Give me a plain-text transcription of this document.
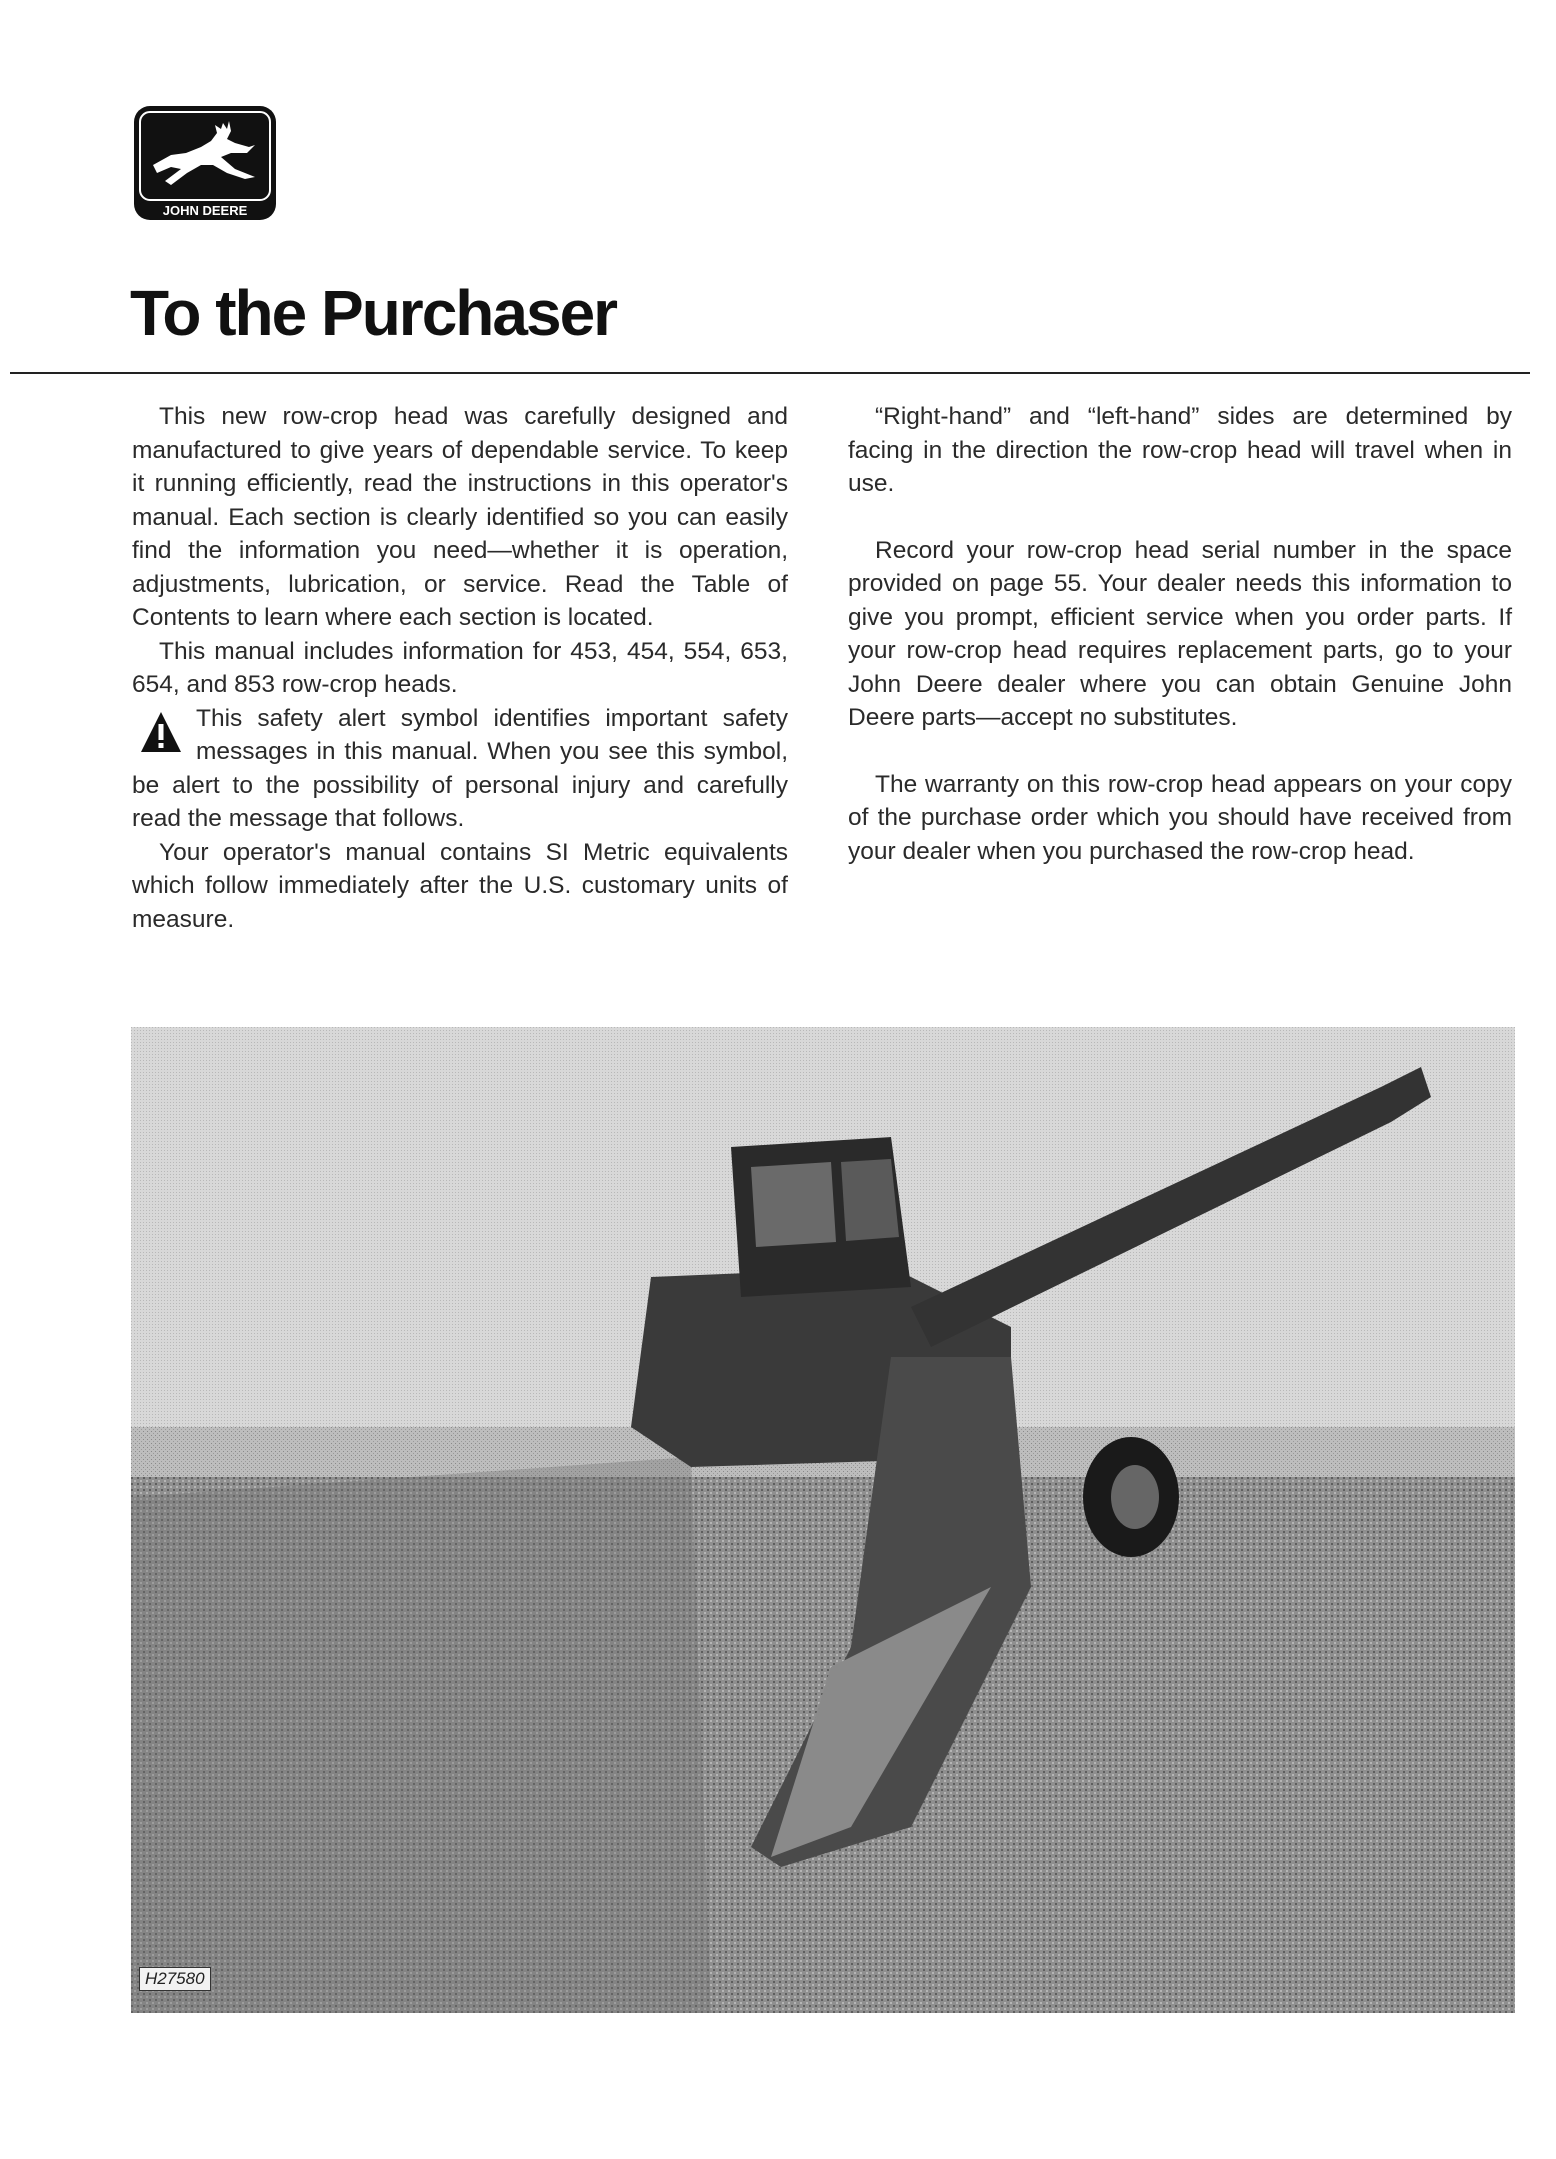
JOHN DEERE
To the Purchaser

This new row-crop head was carefully designed and manufactured to give years of dependable service. To keep it running efficiently, read the instructions in this operator's manual. Each section is clearly identified so you can easily find the information you need—whether it is operation, adjustments, lubrication, or service. Read the Table of Contents to learn where each section is located.

This manual includes information for 453, 454, 554, 653, 654, and 853 row-crop heads.

This safety alert symbol identifies important safety messages in this manual. When you see this symbol, be alert to the possibility of personal injury and carefully read the message that follows.

Your operator's manual contains SI Metric equivalents which follow immediately after the U.S. customary units of measure.

“Right-hand” and “left-hand” sides are determined by facing in the direction the row-crop head will travel when in use.

Record your row-crop head serial number in the space provided on page 55. Your dealer needs this information to give you prompt, efficient service when you order parts. If your row-crop head requires replacement parts, go to your John Deere dealer where you can obtain Genuine John Deere parts—accept no substitutes.

The warranty on this row-crop head appears on your copy of the purchase order which you should have received from your dealer when you purchased the row-crop head.

H27580
